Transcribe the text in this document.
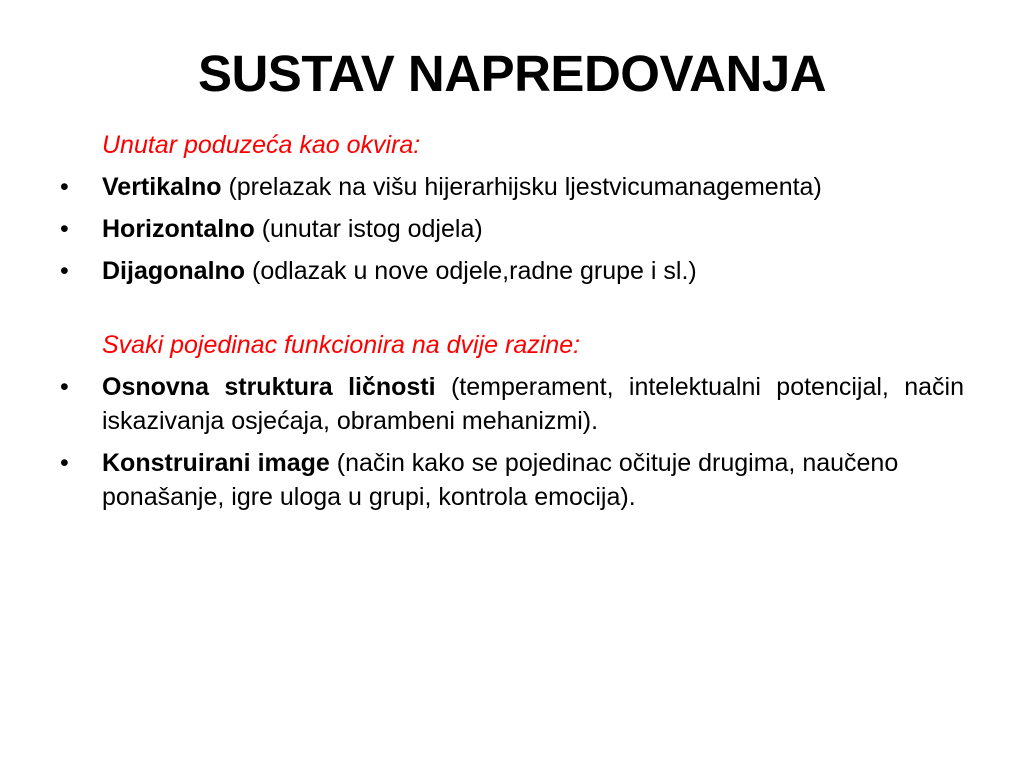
SUSTAV NAPREDOVANJA

Unutar poduzeća kao okvira:

•	Vertikalno (prelazak na višu hijerarhijsku ljestvicumanagementa)
•	Horizontalno (unutar istog odjela)
•	Dijagonalno (odlazak u nove odjele,radne grupe i sl.)

Svaki pojedinac funkcionira na dvije razine:

•	Osnovna struktura ličnosti (temperament, intelektualni potencijal, način iskazivanja osjećaja, obrambeni mehanizmi).
•	Konstruirani image (način kako se pojedinac očituje drugima, naučeno ponašanje, igre uloga u grupi, kontrola emocija).
